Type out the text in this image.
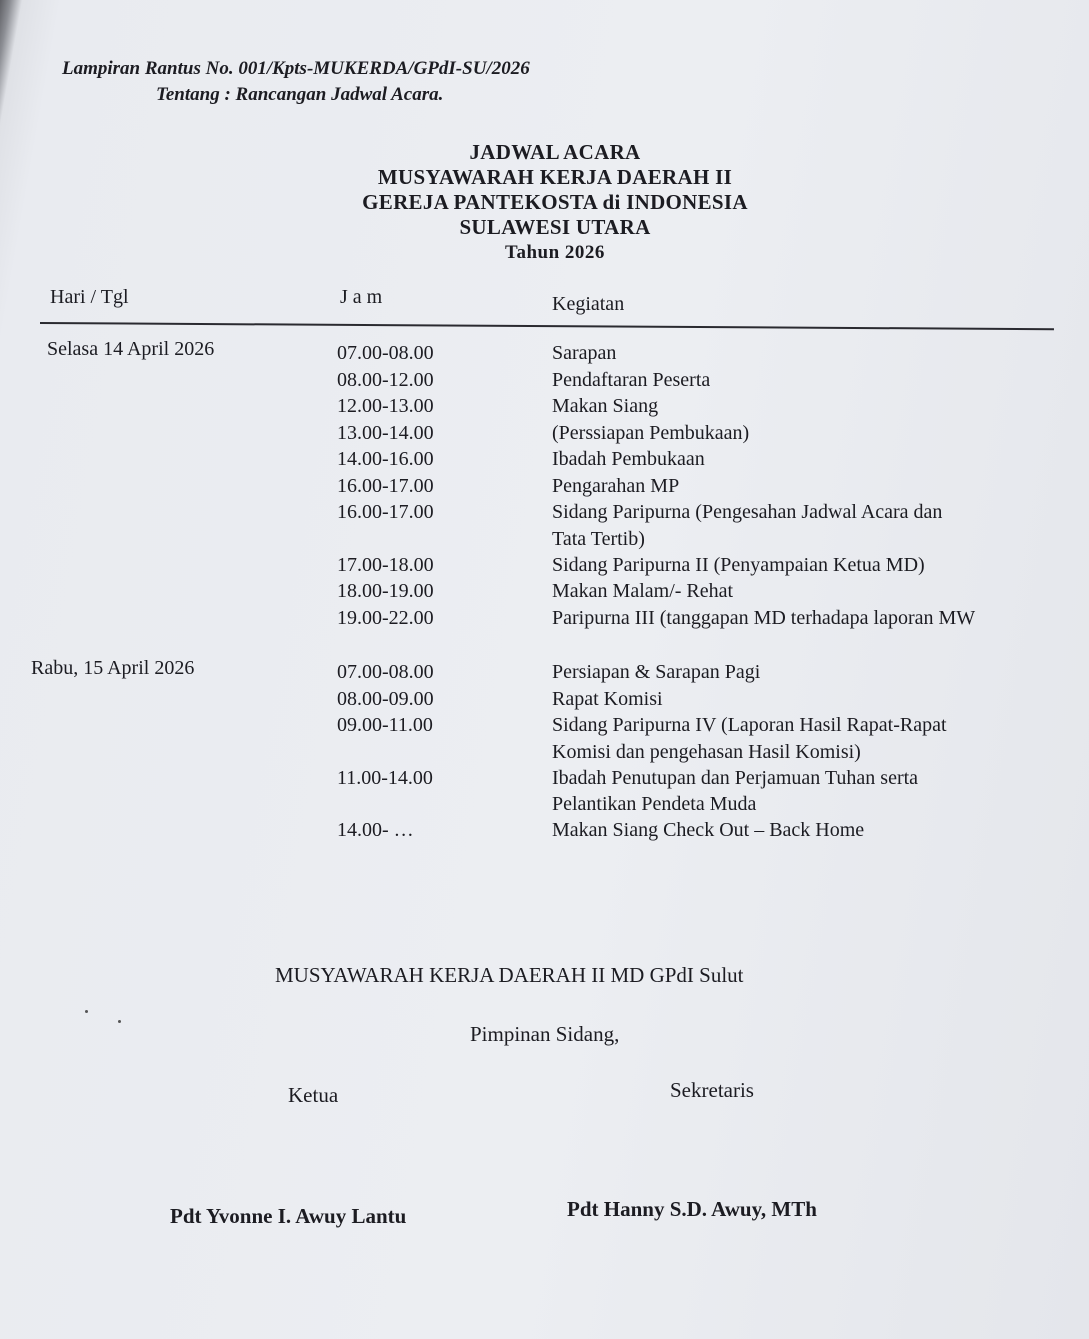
Lampiran Rantus No. 001/Kpts-MUKERDA/GPdI-SU/2026
Tentang : Rancangan Jadwal Acara.
JADWAL ACARA
MUSYAWARAH KERJA DAERAH II
GEREJA PANTEKOSTA di INDONESIA
SULAWESI UTARA
Tahun 2026
Hari / Tgl	J a m	Kegiatan
Selasa 14 April 2026	07.00-08.00	Sarapan
08.00-12.00	Pendaftaran Peserta
12.00-13.00	Makan Siang
13.00-14.00	(Perssiapan Pembukaan)
14.00-16.00	Ibadah Pembukaan
16.00-17.00	Pengarahan MP
16.00-17.00	Sidang Paripurna (Pengesahan Jadwal Acara dan
Tata Tertib)
17.00-18.00	Sidang Paripurna II (Penyampaian Ketua MD)
18.00-19.00	Makan Malam/- Rehat
19.00-22.00	Paripurna III (tanggapan MD terhadapa laporan MW
Rabu, 15 April 2026	07.00-08.00	Persiapan & Sarapan Pagi
08.00-09.00	Rapat Komisi
09.00-11.00	Sidang Paripurna IV (Laporan Hasil Rapat-Rapat
Komisi dan pengehasan Hasil Komisi)
11.00-14.00	Ibadah Penutupan dan Perjamuan Tuhan serta
Pelantikan Pendeta Muda
14.00- …	Makan Siang Check Out – Back Home
MUSYAWARAH KERJA DAERAH II MD GPdI Sulut
Pimpinan Sidang,
Ketua	Sekretaris
Pdt Yvonne I. Awuy Lantu	Pdt Hanny S.D. Awuy, MTh
